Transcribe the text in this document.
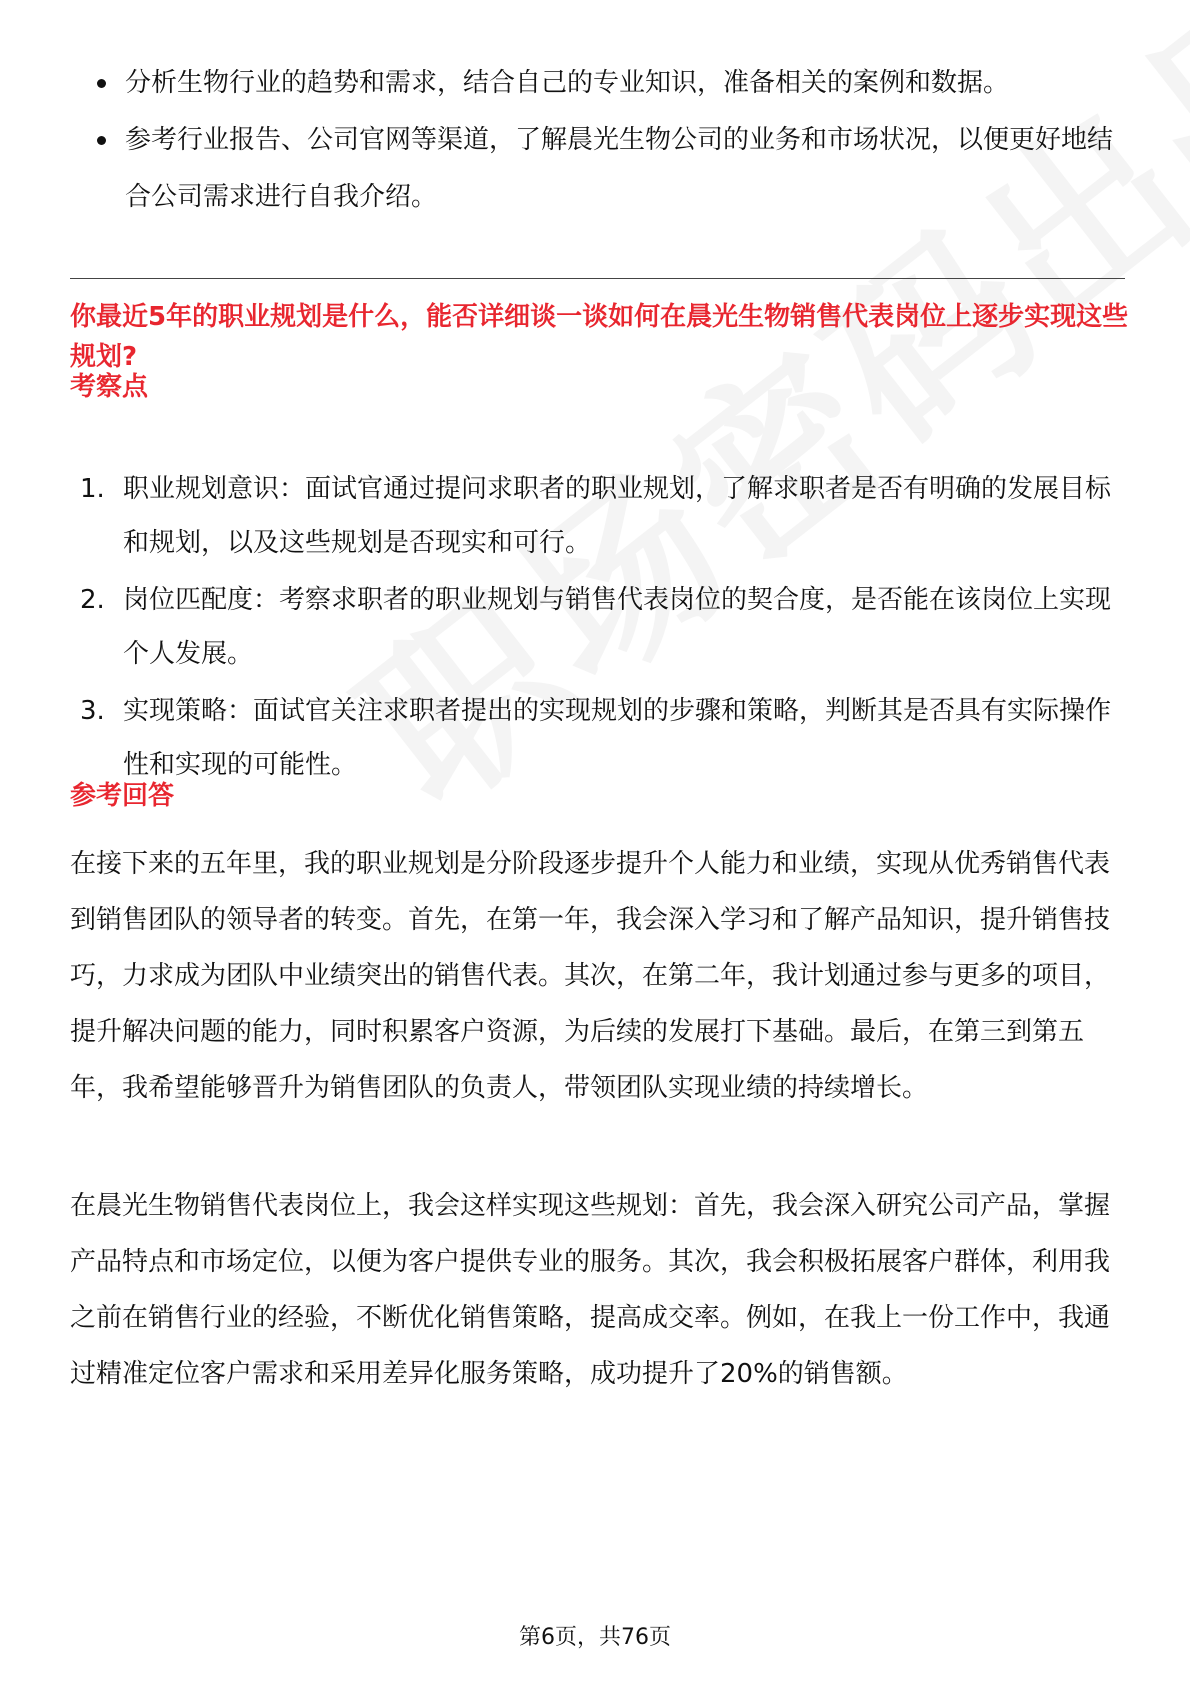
分析生物行业的趋势和需求，结合自己的专业知识，准备相关的案例和数据。
参考行业报告、公司官网等渠道，了解晨光生物公司的业务和市场状况，以便更好地结合公司需求进行自我介绍。
你最近5年的职业规划是什么，能否详细谈一谈如何在晨光生物销售代表岗位上逐步实现这些规划?
考察点
1. 职业规划意识：面试官通过提问求职者的职业规划，了解求职者是否有明确的发展目标和规划，以及这些规划是否现实和可行。
2. 岗位匹配度：考察求职者的职业规划与销售代表岗位的契合度，是否能在该岗位上实现个人发展。
3. 实现策略：面试官关注求职者提出的实现规划的步骤和策略，判断其是否具有实际操作性和实现的可能性。
参考回答

在接下来的五年里，我的职业规划是分阶段逐步提升个人能力和业绩，实现从优秀销售代表到销售团队的领导者的转变。首先，在第一年，我会深入学习和了解产品知识，提升销售技巧，力求成为团队中业绩突出的销售代表。其次，在第二年，我计划通过参与更多的项目，提升解决问题的能力，同时积累客户资源，为后续的发展打下基础。最后，在第三到第五年，我希望能够晋升为销售团队的负责人，带领团队实现业绩的持续增长。

在晨光生物销售代表岗位上，我会这样实现这些规划：首先，我会深入研究公司产品，掌握产品特点和市场定位，以便为客户提供专业的服务。其次，我会积极拓展客户群体，利用我之前在销售行业的经验，不断优化销售策略，提高成交率。例如，在我上一份工作中，我通过精准定位客户需求和采用差异化服务策略，成功提升了20%的销售额。

第6页，共76页
